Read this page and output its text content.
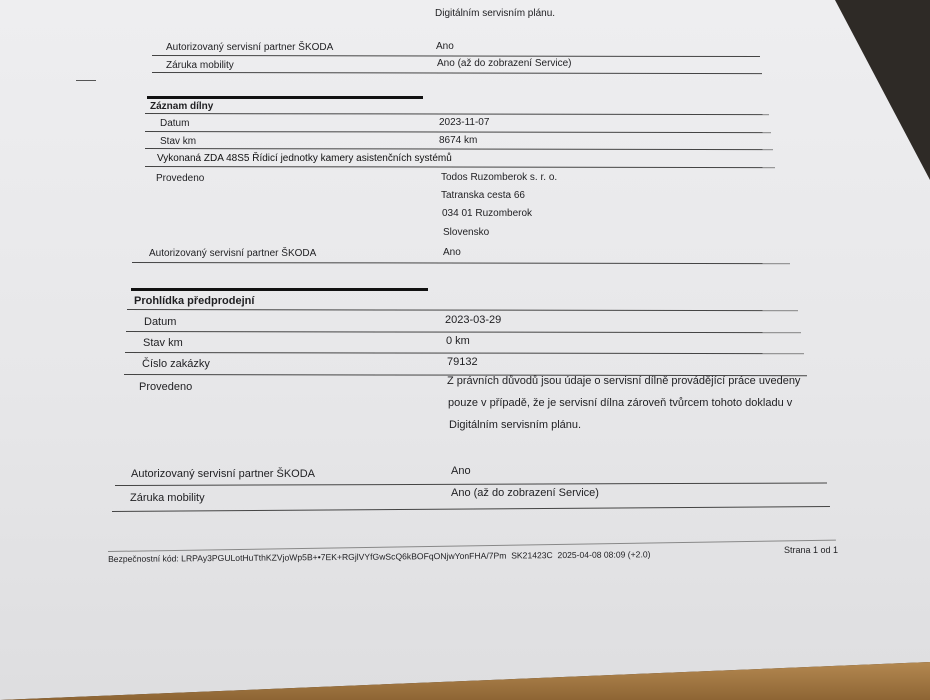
Digitálním servisním plánu.
Autorizovaný servisní partner ŠKODA	Ano
Záruka mobility	Ano (až do zobrazení Service)
Záznam dílny
Datum	2023-11-07
Stav km	8674 km
Vykonaná ZDA 48S5 Řídicí jednotky kamery asistenčních systémů
Provedeno	Todos Ruzomberok s. r. o.
Tatranska cesta 66
034 01 Ruzomberok
Slovensko
Autorizovaný servisní partner ŠKODA	Ano
Prohlídka předprodejní
Datum	2023-03-29
Stav km	0 km
Číslo zakázky	79132
Provedeno	Z právních důvodů jsou údaje o servisní dílně provádějící práce uvedeny
pouze v případě, že je servisní dílna zároveň tvůrcem tohoto dokladu v
Digitálním servisním plánu.
Autorizovaný servisní partner ŠKODA	Ano
Záruka mobility	Ano (až do zobrazení Service)
Bezpečnostní kód: LRPAy3PGULotHuTthKZVjoWp5B+•7EK+RGjlVYfGwScQ6kBOFqONjwYonFHA/7Pm SK21423C 2025-04-08 08:09 (+2.0)	Strana 1 od 1
